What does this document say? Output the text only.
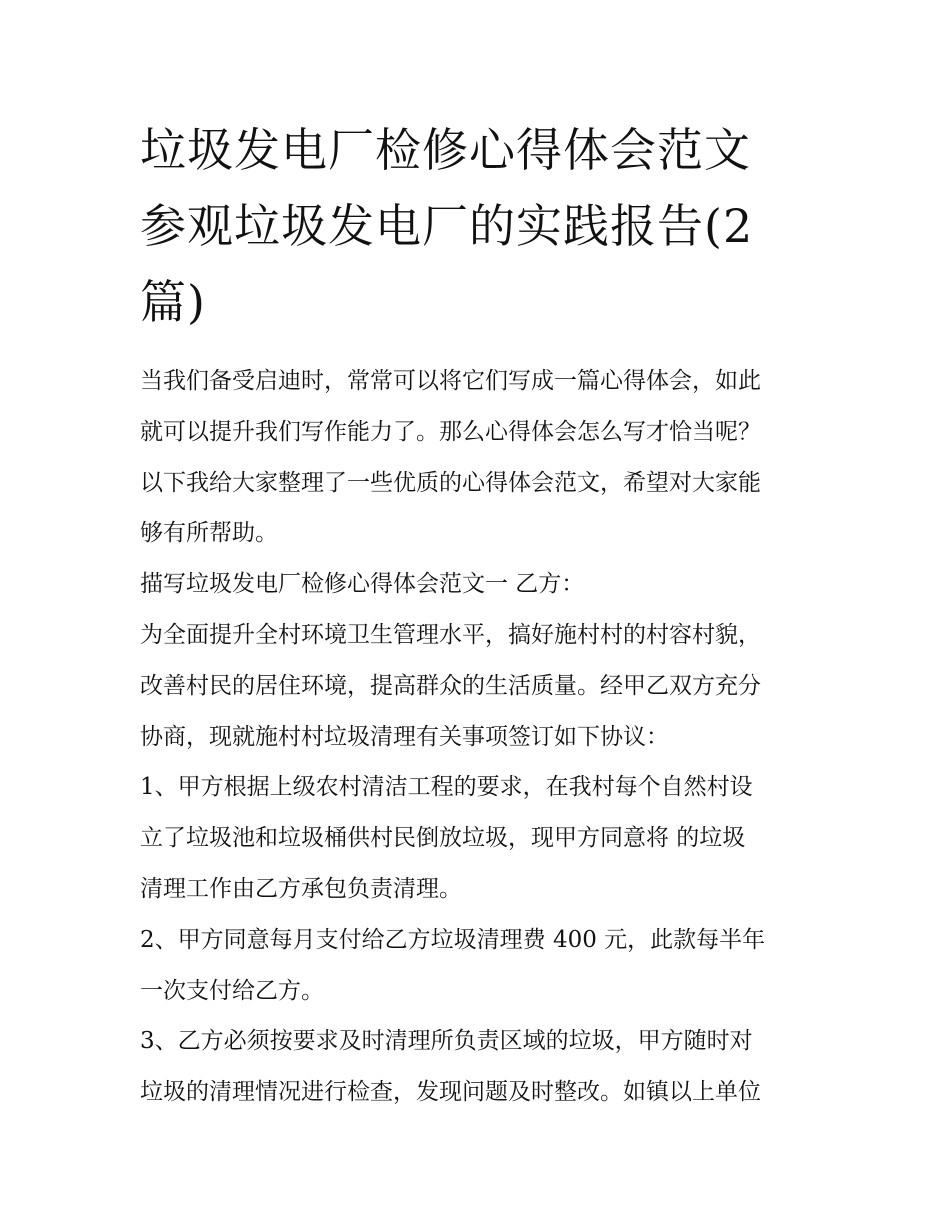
垃圾发电厂检修心得体会范文
参观垃圾发电厂的实践报告(2
篇)
当我们备受启迪时，常常可以将它们写成一篇心得体会，如此
就可以提升我们写作能力了。那么心得体会怎么写才恰当呢？
以下我给大家整理了一些优质的心得体会范文，希望对大家能
够有所帮助。
描写垃圾发电厂检修心得体会范文一 乙方：
为全面提升全村环境卫生管理水平，搞好施村村的村容村貌，
改善村民的居住环境，提高群众的生活质量。经甲乙双方充分
协商，现就施村村垃圾清理有关事项签订如下协议：
1、甲方根据上级农村清洁工程的要求，在我村每个自然村设
立了垃圾池和垃圾桶供村民倒放垃圾，现甲方同意将 的垃圾
清理工作由乙方承包负责清理。
2、甲方同意每月支付给乙方垃圾清理费 400 元，此款每半年
一次支付给乙方。
3、乙方必须按要求及时清理所负责区域的垃圾，甲方随时对
垃圾的清理情况进行检查，发现问题及时整改。如镇以上单位
